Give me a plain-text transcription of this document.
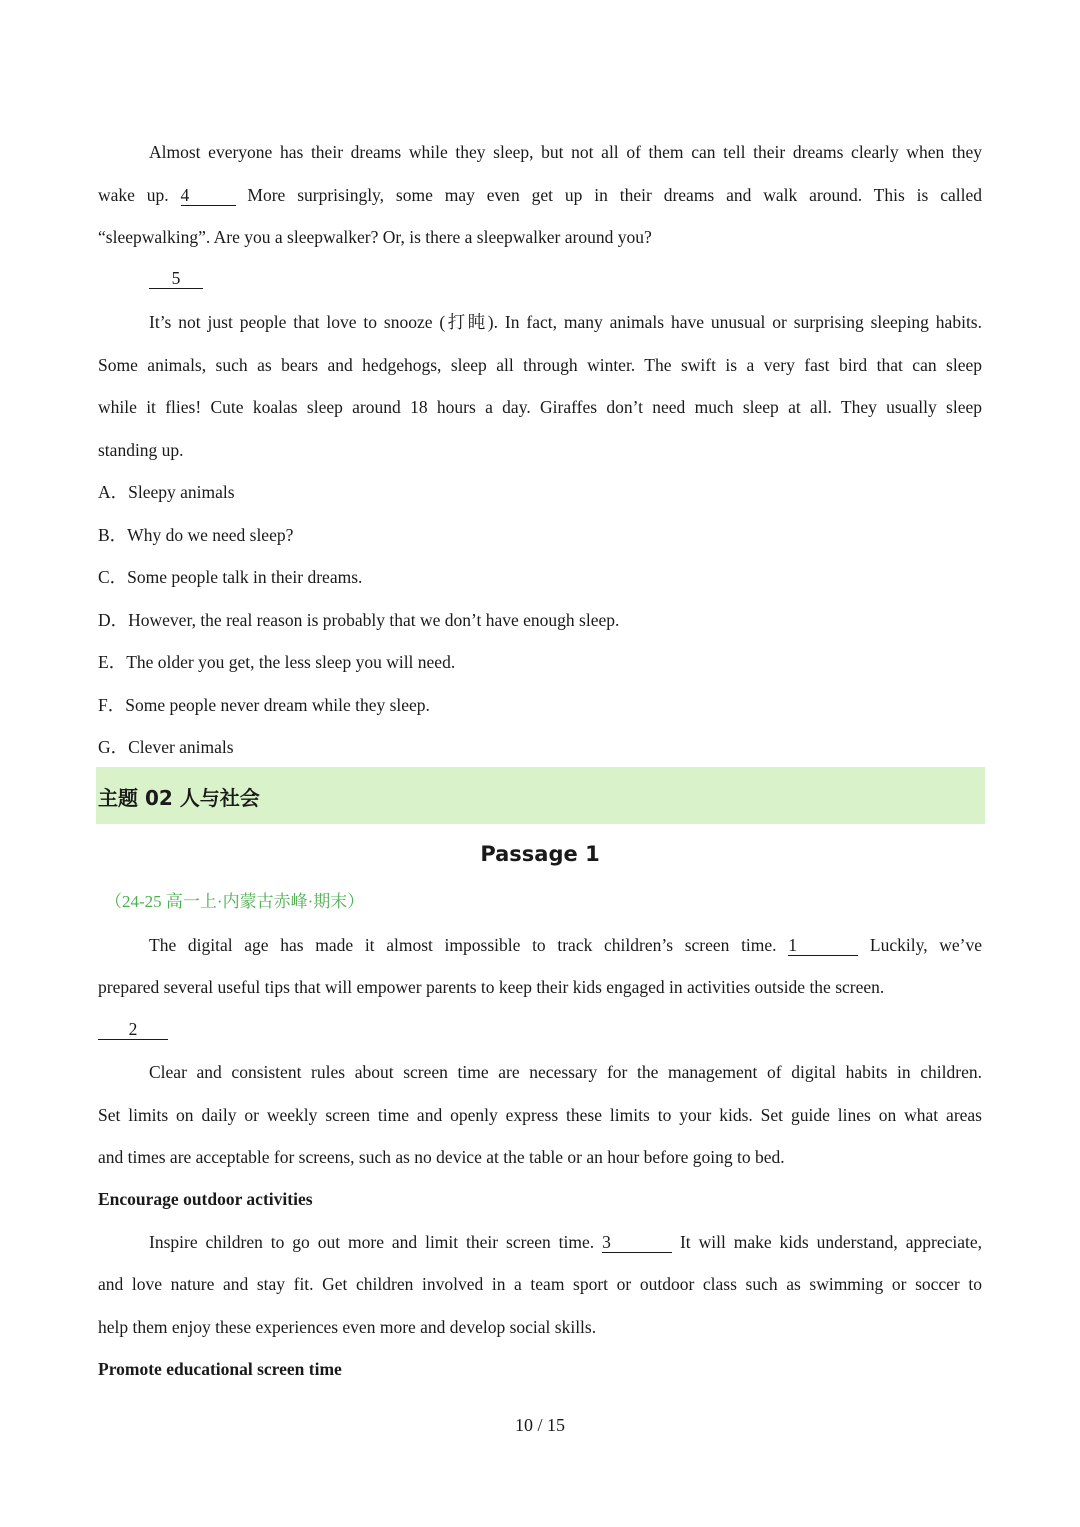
Almost everyone has their dreams while they sleep, but not all of them can tell their dreams clearly when they
wake up. 4	More surprisingly, some may even get up in their dreams and walk around. This is called
“sleepwalking”. Are you a sleepwalker? Or, is there a sleepwalker around you?
5
It’s not just people that love to snooze (打盹). In fact, many animals have unusual or surprising sleeping habits.
Some animals, such as bears and hedgehogs, sleep all through winter. The swift is a very fast bird that can sleep
while it flies! Cute koalas sleep around 18 hours a day. Giraffes don’t need much sleep at all. They usually sleep
standing up.
A．Sleepy animals
B．Why do we need sleep?
C．Some people talk in their dreams.
D．However, the real reason is probably that we don’t have enough sleep.
E．The older you get, the less sleep you will need.
F．Some people never dream while they sleep.
G．Clever animals
主题 02 人与社会
Passage 1
（24-25 高一上·内蒙古赤峰·期末）
The digital age has made it almost impossible to track children’s screen time. 1	Luckily, we’ve
prepared several useful tips that will empower parents to keep their kids engaged in activities outside the screen.
2
Clear and consistent rules about screen time are necessary for the management of digital habits in children.
Set limits on daily or weekly screen time and openly express these limits to your kids. Set guide lines on what areas
and times are acceptable for screens, such as no device at the table or an hour before going to bed.
Encourage outdoor activities
Inspire children to go out more and limit their screen time. 3	It will make kids understand, appreciate,
and love nature and stay fit. Get children involved in a team sport or outdoor class such as swimming or soccer to
help them enjoy these experiences even more and develop social skills.
Promote educational screen time
10 / 15
